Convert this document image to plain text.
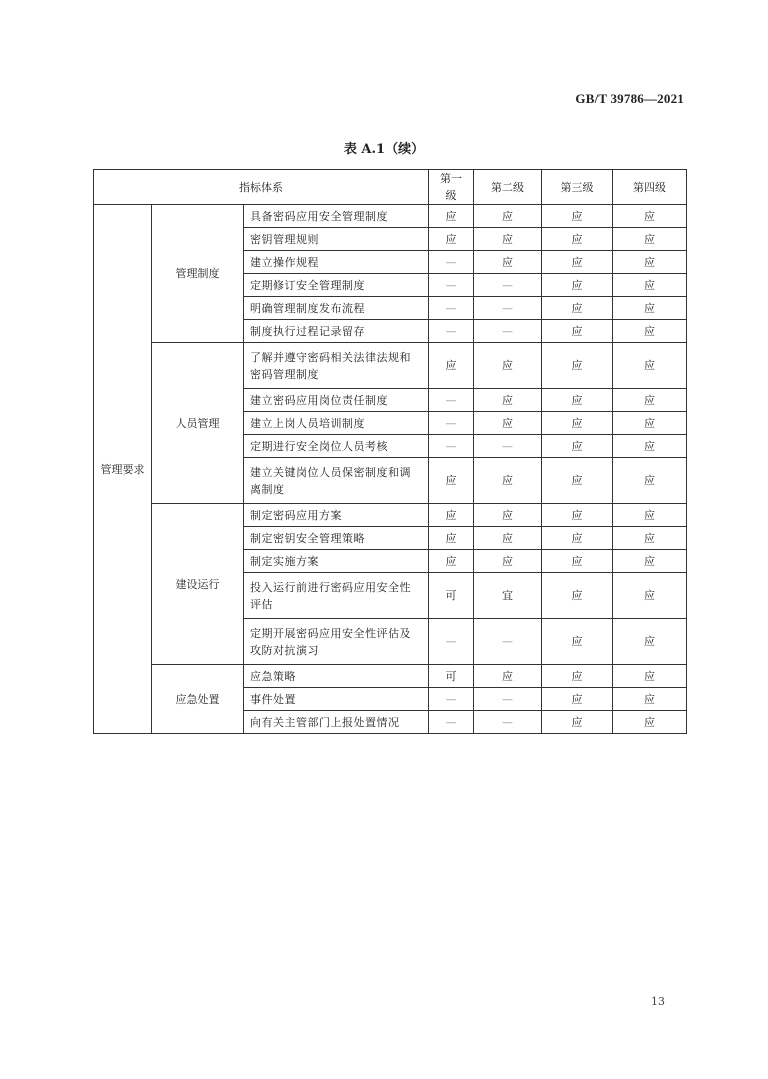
GB/T 39786—2021
表 A.1（续）
指标体系			第一级	第二级	第三级	第四级
管理要求	管理制度	具备密码应用安全管理制度	应	应	应	应
		密钥管理规则	应	应	应	应
		建立操作规程	—	应	应	应
		定期修订安全管理制度	—	—	应	应
		明确管理制度发布流程	—	—	应	应
		制度执行过程记录留存	—	—	应	应
	人员管理	了解并遵守密码相关法律法规和密码管理制度	应	应	应	应
		建立密码应用岗位责任制度	—	应	应	应
		建立上岗人员培训制度	—	应	应	应
		定期进行安全岗位人员考核	—	—	应	应
		建立关键岗位人员保密制度和调离制度	应	应	应	应
	建设运行	制定密码应用方案	应	应	应	应
		制定密钥安全管理策略	应	应	应	应
		制定实施方案	应	应	应	应
		投入运行前进行密码应用安全性评估	可	宜	应	应
		定期开展密码应用安全性评估及攻防对抗演习	—	—	应	应
	应急处置	应急策略	可	应	应	应
		事件处置	—	—	应	应
		向有关主管部门上报处置情况	—	—	应	应
13
